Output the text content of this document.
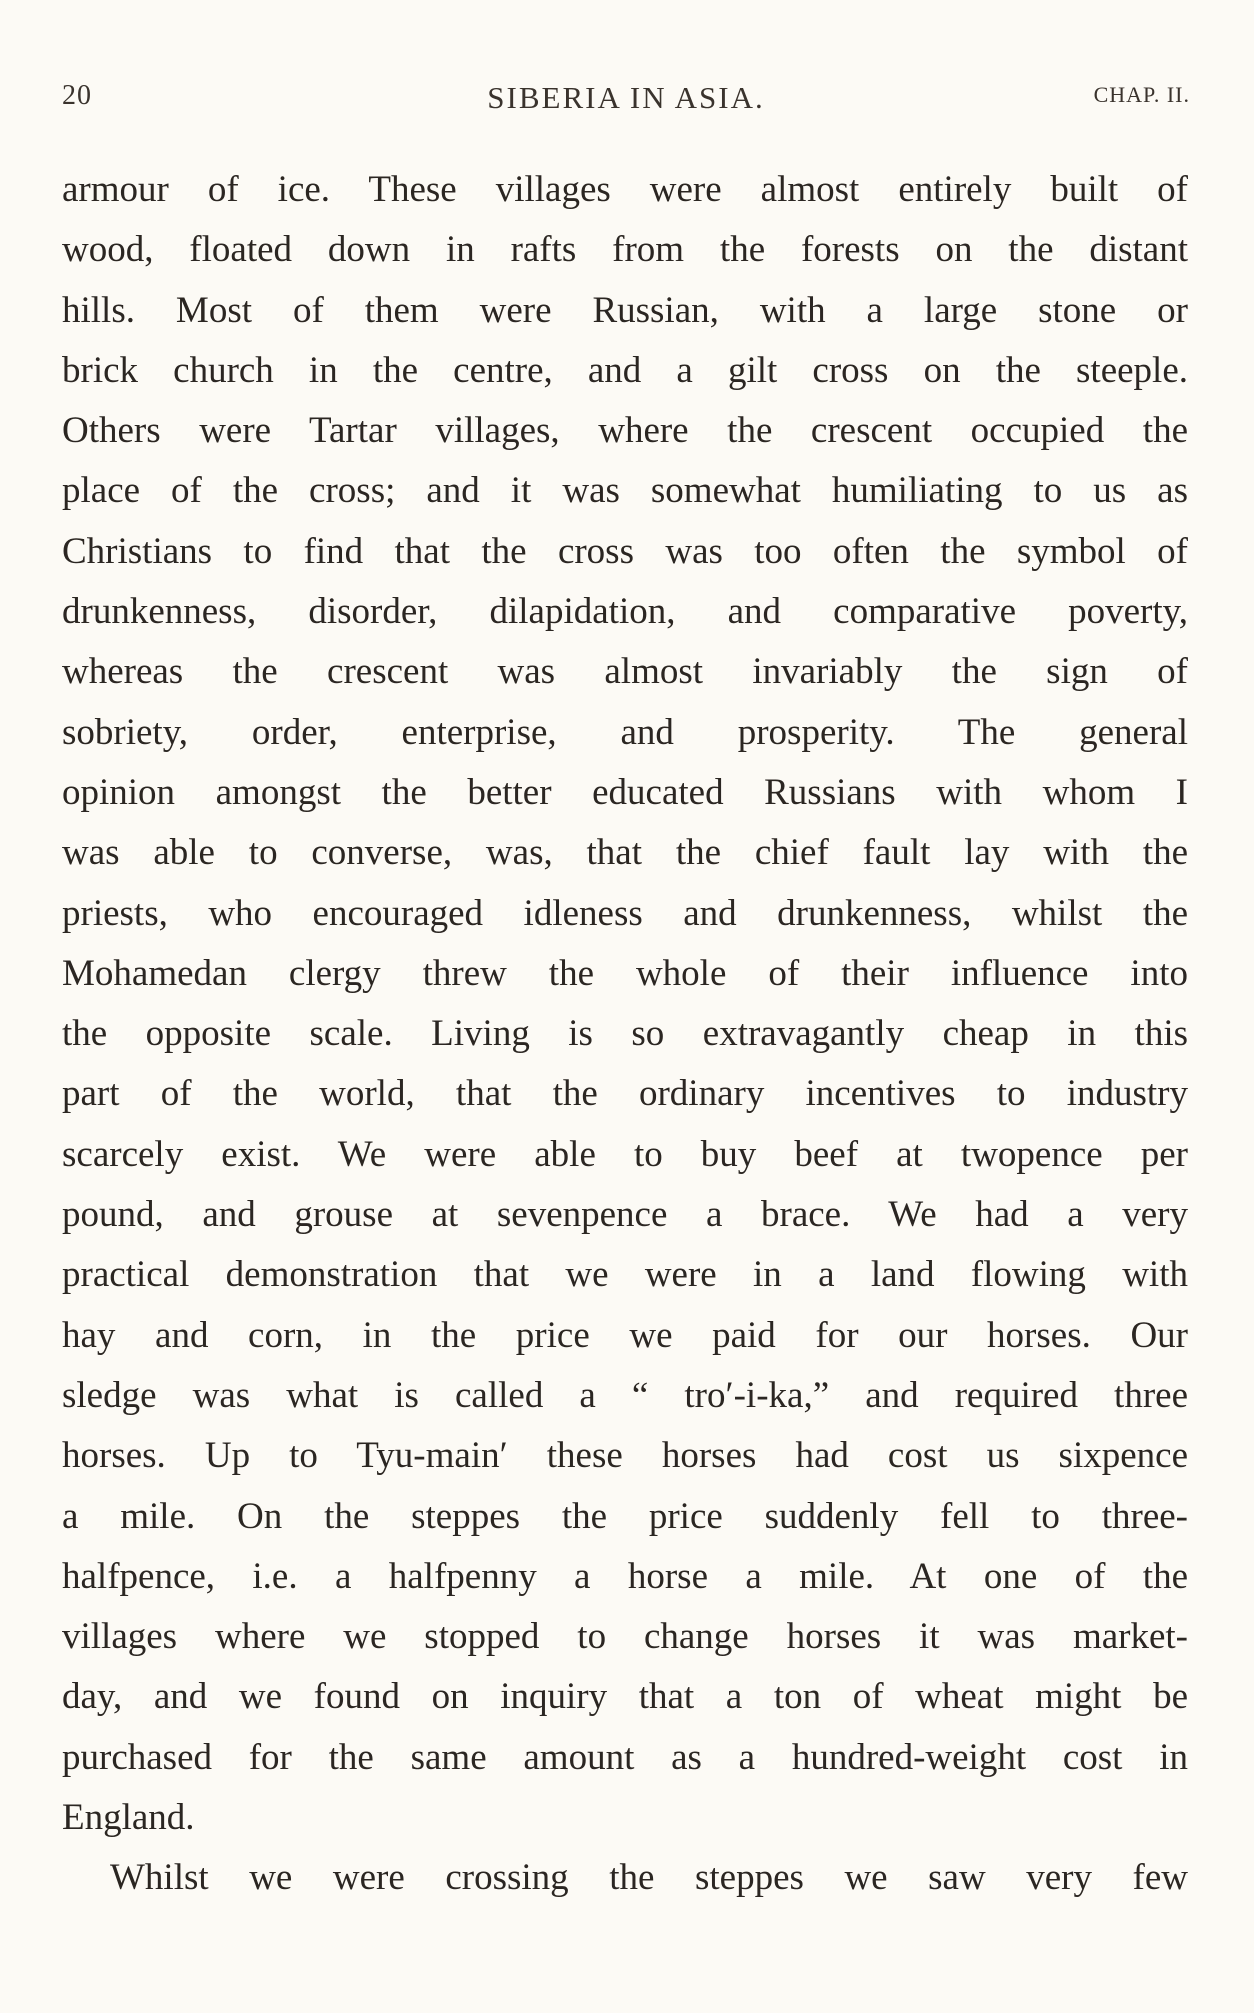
20	SIBERIA IN ASIA.	CHAP. II.
armour of ice. These villages were almost entirely built of
wood, floated down in rafts from the forests on the distant
hills. Most of them were Russian, with a large stone or
brick church in the centre, and a gilt cross on the steeple.
Others were Tartar villages, where the crescent occupied the
place of the cross; and it was somewhat humiliating to us as
Christians to find that the cross was too often the symbol of
drunkenness, disorder, dilapidation, and comparative poverty,
whereas the crescent was almost invariably the sign of
sobriety, order, enterprise, and prosperity. The general
opinion amongst the better educated Russians with whom I
was able to converse, was, that the chief fault lay with the
priests, who encouraged idleness and drunkenness, whilst the
Mohamedan clergy threw the whole of their influence into
the opposite scale. Living is so extravagantly cheap in this
part of the world, that the ordinary incentives to industry
scarcely exist. We were able to buy beef at twopence per
pound, and grouse at sevenpence a brace. We had a very
practical demonstration that we were in a land flowing with
hay and corn, in the price we paid for our horses. Our
sledge was what is called a “ tro′-i-ka,” and required three
horses. Up to Tyu-main′ these horses had cost us sixpence
a mile. On the steppes the price suddenly fell to three-
halfpence, i.e. a halfpenny a horse a mile. At one of the
villages where we stopped to change horses it was market-
day, and we found on inquiry that a ton of wheat might be
purchased for the same amount as a hundred-weight cost in
England.
Whilst we were crossing the steppes we saw very few
